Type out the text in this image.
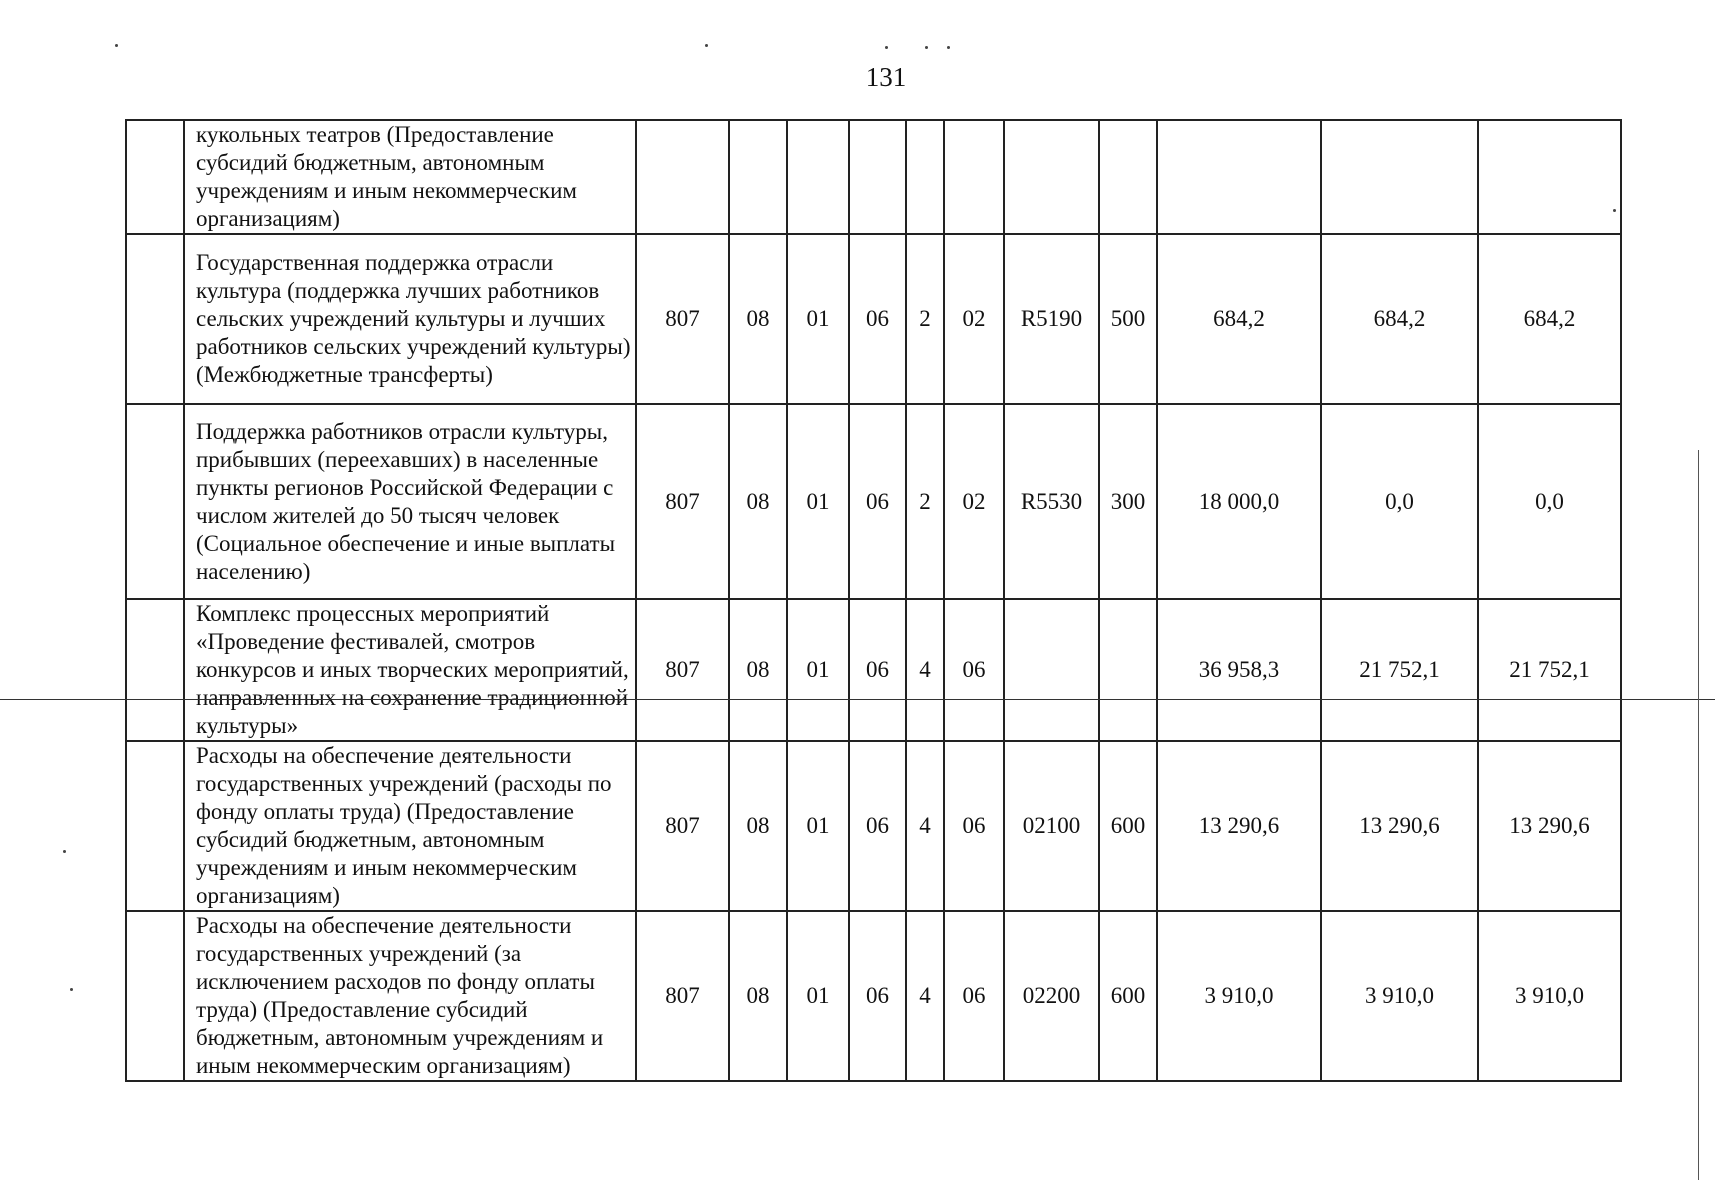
131
	кукольных театров (Предоставление субсидий бюджетным, автономным учреждениям и иным некоммерческим организациям)											
	Государственная поддержка отрасли культура (поддержка лучших работников сельских учреждений культуры и лучших работников сельских учреждений культуры) (Межбюджетные трансферты)	807	08	01	06	2	02	R5190	500	684,2	684,2	684,2
	Поддержка работников отрасли культуры, прибывших (переехавших) в населенные пункты регионов Российской Федерации с числом жителей до 50 тысяч человек (Социальное обеспечение и иные выплаты населению)	807	08	01	06	2	02	R5530	300	18 000,0	0,0	0,0
	Комплекс процессных мероприятий «Проведение фестивалей, смотров конкурсов и иных творческих мероприятий, направленных на сохранение традиционной культуры»	807	08	01	06	4	06			36 958,3	21 752,1	21 752,1
	Расходы на обеспечение деятельности государственных учреждений (расходы по фонду оплаты труда) (Предоставление субсидий бюджетным, автономным учреждениям и иным некоммерческим организациям)	807	08	01	06	4	06	02100	600	13 290,6	13 290,6	13 290,6
	Расходы на обеспечение деятельности государственных учреждений (за исключением расходов по фонду оплаты труда) (Предоставление субсидий бюджетным, автономным учреждениям и иным некоммерческим организациям)	807	08	01	06	4	06	02200	600	3 910,0	3 910,0	3 910,0
